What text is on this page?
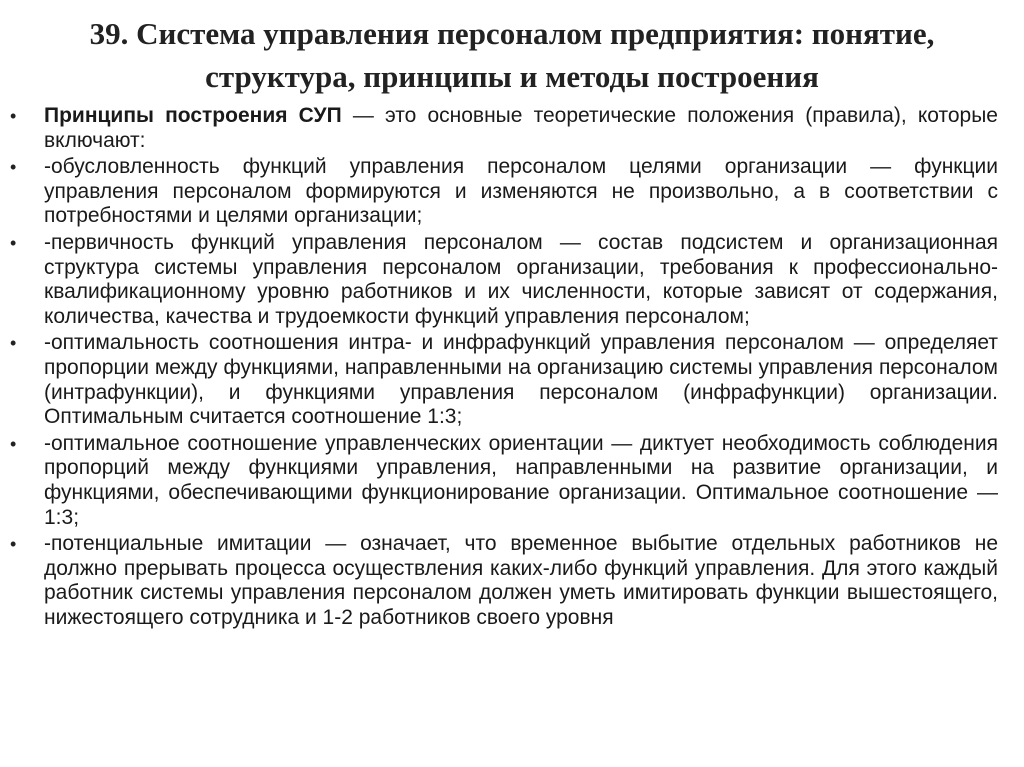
39. Система управления персоналом предприятия: понятие, структура, принципы и методы построения
• Принципы построения СУП — это основные теоретические положения (правила), которые включают:
• -обусловленность функций управления персоналом целями организации — функции управления персоналом формируются и изменяются не произвольно, а в соответствии с потребностями и целями организации;
• -первичность функций управления персоналом — состав подсистем и организационная структура системы управления персоналом организации, требования к профессионально-квалификационному уровню работников и их численности, которые зависят от содержания, количества, качества и трудоемкости функций управления персоналом;
• -оптимальность соотношения интра- и инфрафункций управления персоналом — определяет пропорции между функциями, направленными на организацию системы управления персоналом (интрафункции), и функциями управления персоналом (инфрафункции) организации. Оптимальным считается соотношение 1:3;
• -оптимальное соотношение управленческих ориентации — диктует необходимость соблюдения пропорций между функциями управления, направленными на развитие организации, и функциями, обеспечивающими функционирование организации. Оптимальное соотношение — 1:3;
• -потенциальные имитации — означает, что временное выбытие отдельных работников не должно прерывать процесса осуществления каких-либо функций управления. Для этого каждый работник системы управления персоналом должен уметь имитировать функции вышестоящего, нижестоящего сотрудника и 1-2 работников своего уровня
